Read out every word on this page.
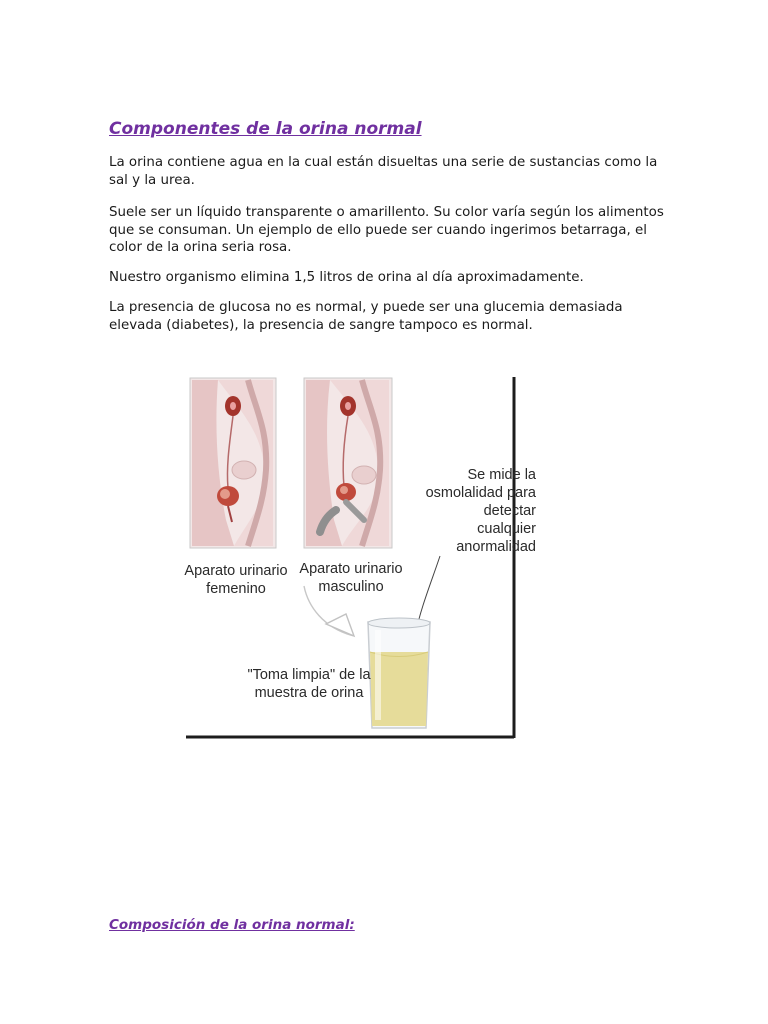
Componentes de la orina normal

La orina contiene agua en la cual están disueltas una serie de sustancias como la sal y la urea.

Suele ser un líquido transparente o amarillento. Su color varía según los alimentos que se consuman. Un ejemplo de ello puede ser cuando ingerimos betarraga, el color de la orina seria rosa.

Nuestro organismo elimina 1,5 litros de orina al día aproximadamente.

La presencia de glucosa no es normal, y puede ser una glucemia demasiada elevada (diabetes), la presencia de sangre tampoco es normal.

Aparato urinario femenino

Aparato urinario masculino

Se mide la osmolalidad para detectar cualquier anormalidad

"Toma limpia" de la muestra de orina

Composición de la orina normal:
